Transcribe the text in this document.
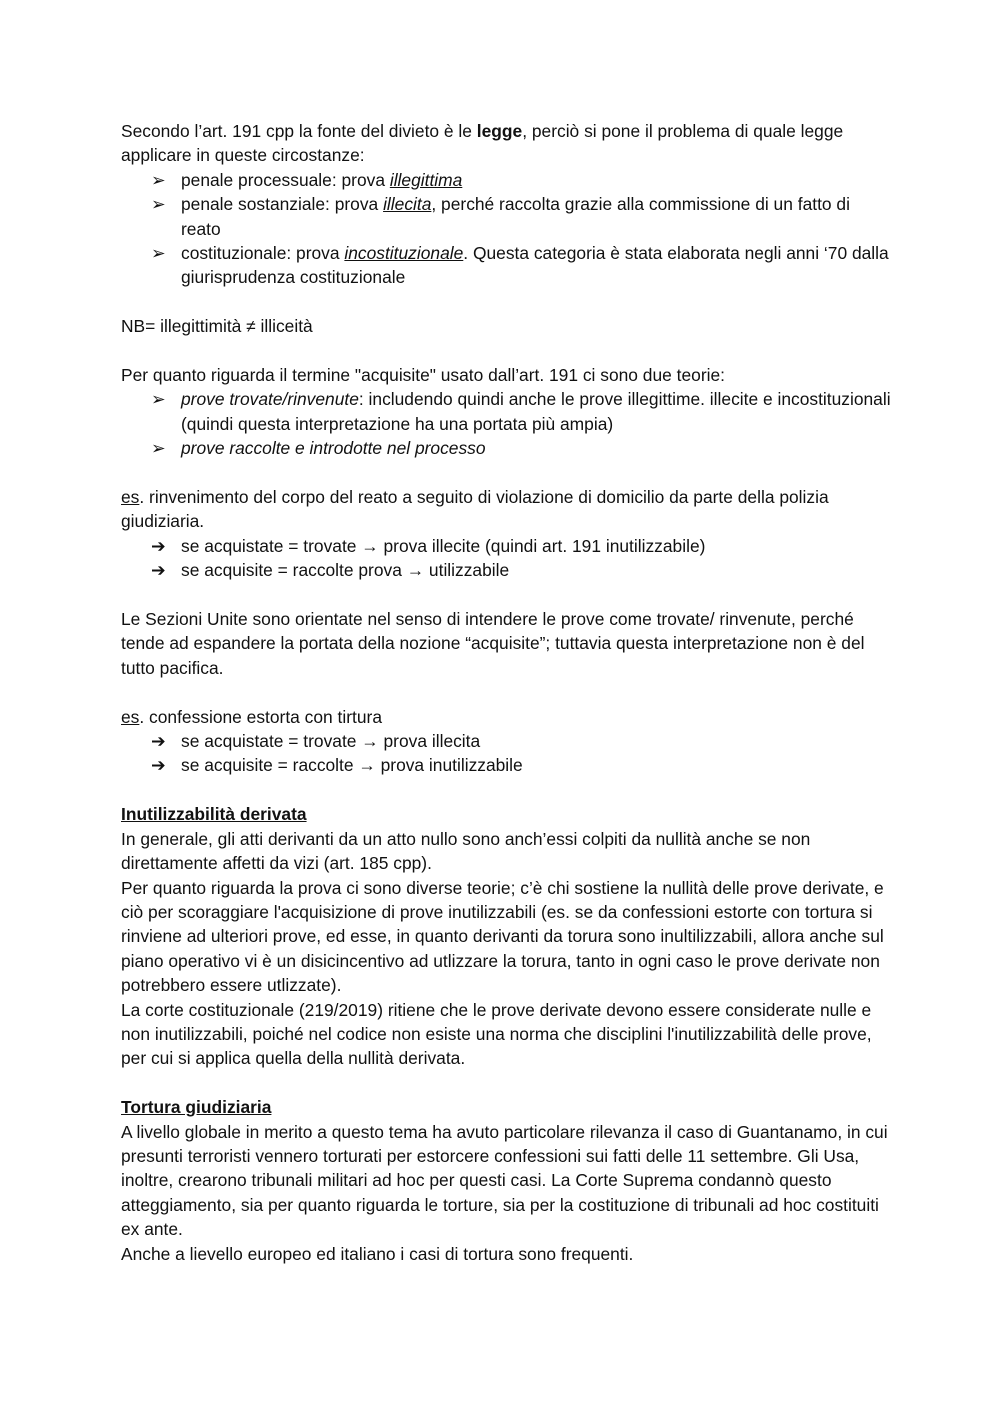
Secondo l’art. 191 cpp la fonte del divieto è le legge, perciò si pone il problema di quale legge applicare in queste circostanze:

➢ penale processuale: prova illegittima
➢ penale sostanziale: prova illecita, perché raccolta grazie alla commissione di un fatto di reato
➢ costituzionale: prova incostituzionale. Questa categoria è stata elaborata negli anni ‘70 dalla giurisprudenza costituzionale

NB= illegittimità ≠ illiceità

Per quanto riguarda il termine "acquisite" usato dall’art. 191 ci sono due teorie:

➢ prove trovate/rinvenute: includendo quindi anche le prove illegittime. illecite e incostituzionali (quindi questa interpretazione ha una portata più ampia)
➢ prove raccolte e introdotte nel processo

es. rinvenimento del corpo del reato a seguito di violazione di domicilio da parte della polizia giudiziaria.

➔ se acquistate = trovate → prova illecite (quindi art. 191 inutilizzabile)
➔ se acquisite = raccolte prova → utilizzabile

Le Sezioni Unite sono orientate nel senso di intendere le prove come trovate/ rinvenute, perché tende ad espandere la portata della nozione “acquisite”; tuttavia questa interpretazione non è del tutto pacifica.

es. confessione estorta con tirtura

➔ se acquistate = trovate → prova illecita
➔ se acquisite = raccolte → prova inutilizzabile

Inutilizzabilità derivata

In generale, gli atti derivanti da un atto nullo sono anch’essi colpiti da nullità anche se non direttamente affetti da vizi (art. 185 cpp).

Per quanto riguarda la prova ci sono diverse teorie; c’è chi sostiene la nullità delle prove derivate, e ciò per scoraggiare l'acquisizione di prove inutilizzabili (es. se da confessioni estorte con tortura si rinviene ad ulteriori prove, ed esse, in quanto derivanti da torura sono inultilizzabili, allora anche sul piano operativo vi è un disicincentivo ad utlizzare la torura, tanto in ogni caso le prove derivate non potrebbero essere utlizzate).

La corte costituzionale (219/2019) ritiene che le prove derivate devono essere considerate nulle e non inutilizzabili, poiché nel codice non esiste una norma che disciplini l'inutilizzabilità delle prove, per cui si applica quella della nullità derivata.

Tortura giudiziaria

A livello globale in merito a questo tema ha avuto particolare rilevanza il caso di Guantanamo, in cui presunti terroristi vennero torturati per estorcere confessioni sui fatti delle 11 settembre. Gli Usa, inoltre, crearono tribunali militari ad hoc per questi casi. La Corte Suprema condannò questo atteggiamento, sia per quanto riguarda le torture, sia per la costituzione di tribunali ad hoc costituiti ex ante.

Anche a lievello europeo ed italiano i casi di tortura sono frequenti.
